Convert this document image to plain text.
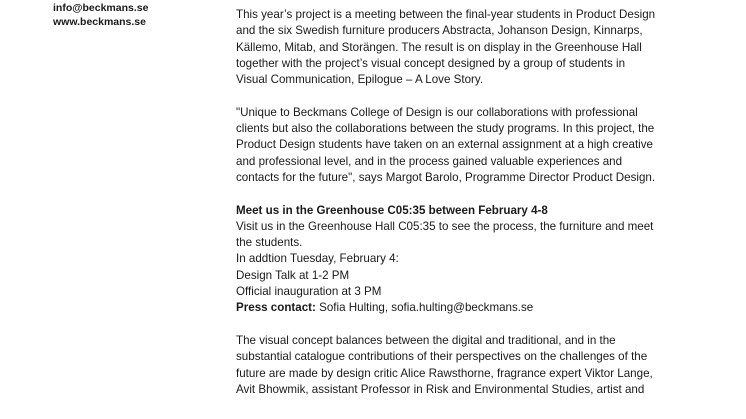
info@beckmans.se
www.beckmans.se

This year’s project is a meeting between the final-year students in Product Design
and the six Swedish furniture producers Abstracta, Johanson Design, Kinnarps,
Källemo, Mitab, and Storängen. The result is on display in the Greenhouse Hall
together with the project’s visual concept designed by a group of students in
Visual Communication, Epilogue – A Love Story.

"Unique to Beckmans College of Design is our collaborations with professional
clients but also the collaborations between the study programs. In this project, the
Product Design students have taken on an external assignment at a high creative
and professional level, and in the process gained valuable experiences and
contacts for the future", says Margot Barolo, Programme Director Product Design.

Meet us in the Greenhouse C05:35 between February 4-8
Visit us in the Greenhouse Hall C05:35 to see the process, the furniture and meet
the students.
In addtion Tuesday, February 4:
Design Talk at 1-2 PM
Official inauguration at 3 PM
Press contact: Sofia Hulting, sofia.hulting@beckmans.se

The visual concept balances between the digital and traditional, and in the
substantial catalogue contributions of their perspectives on the challenges of the
future are made by design critic Alice Rawsthorne, fragrance expert Viktor Lange,
Avit Bhowmik, assistant Professor in Risk and Environmental Studies, artist and
